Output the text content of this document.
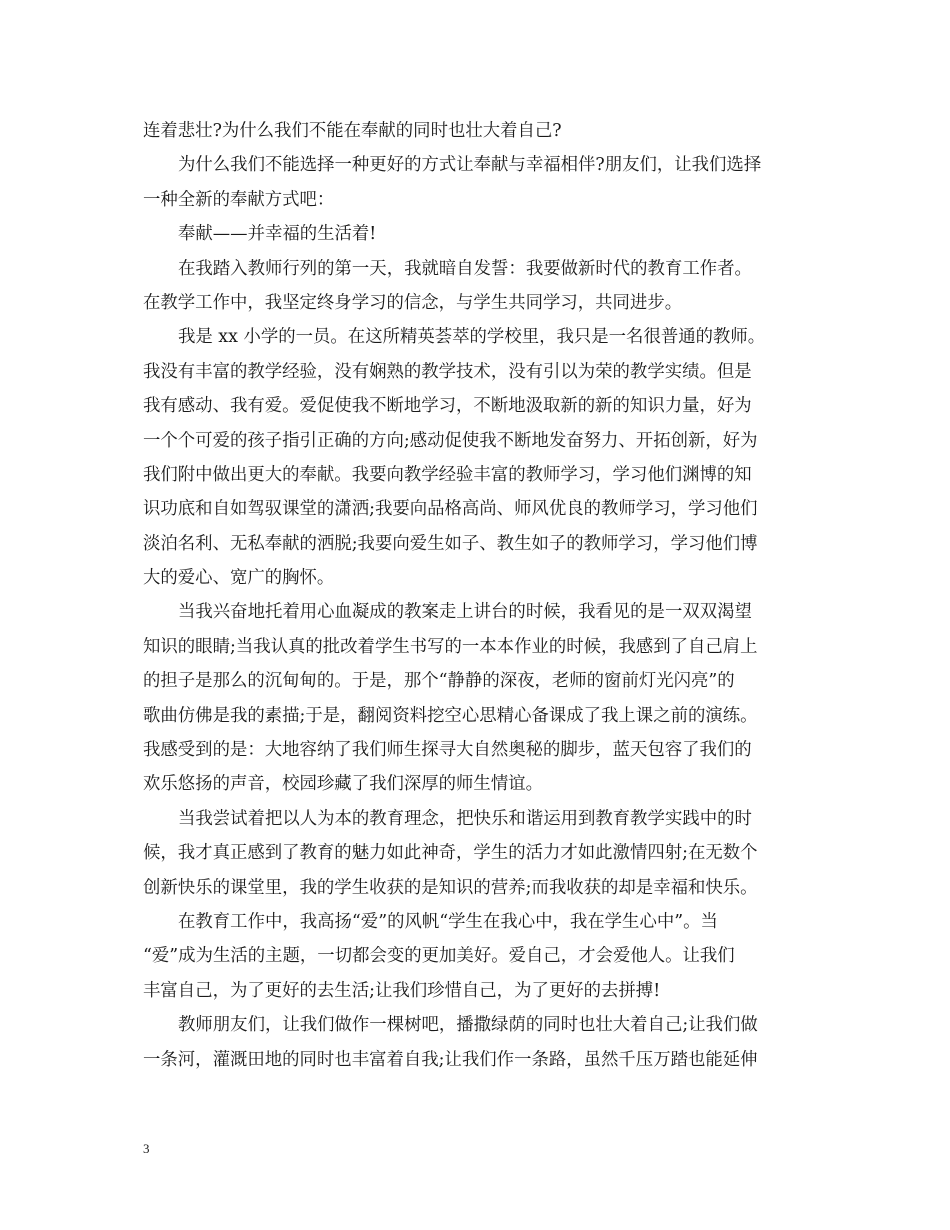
连着悲壮?为什么我们不能在奉献的同时也壮大着自己?
为什么我们不能选择一种更好的方式让奉献与幸福相伴?朋友们，让我们选择
一种全新的奉献方式吧：
奉献——并幸福的生活着!
在我踏入教师行列的第一天，我就暗自发誓：我要做新时代的教育工作者。
在教学工作中，我坚定终身学习的信念，与学生共同学习，共同进步。
我是 xx 小学的一员。在这所精英荟萃的学校里，我只是一名很普通的教师。
我没有丰富的教学经验，没有娴熟的教学技术，没有引以为荣的教学实绩。但是
我有感动、我有爱。爱促使我不断地学习，不断地汲取新的新的知识力量，好为
一个个可爱的孩子指引正确的方向;感动促使我不断地发奋努力、开拓创新，好为
我们附中做出更大的奉献。我要向教学经验丰富的教师学习，学习他们渊博的知
识功底和自如驾驭课堂的潇洒;我要向品格高尚、师风优良的教师学习，学习他们
淡泊名利、无私奉献的洒脱;我要向爱生如子、教生如子的教师学习，学习他们博
大的爱心、宽广的胸怀。
当我兴奋地托着用心血凝成的教案走上讲台的时候，我看见的是一双双渴望
知识的眼睛;当我认真的批改着学生书写的一本本作业的时候，我感到了自己肩上
的担子是那么的沉甸甸的。于是，那个“静静的深夜，老师的窗前灯光闪亮”的
歌曲仿佛是我的素描;于是，翻阅资料挖空心思精心备课成了我上课之前的演练。
我感受到的是：大地容纳了我们师生探寻大自然奥秘的脚步，蓝天包容了我们的
欢乐悠扬的声音，校园珍藏了我们深厚的师生情谊。
当我尝试着把以人为本的教育理念，把快乐和谐运用到教育教学实践中的时
候，我才真正感到了教育的魅力如此神奇，学生的活力才如此激情四射;在无数个
创新快乐的课堂里，我的学生收获的是知识的营养;而我收获的却是幸福和快乐。
在教育工作中，我高扬“爱”的风帆“学生在我心中，我在学生心中”。当
“爱”成为生活的主题，一切都会变的更加美好。爱自己，才会爱他人。让我们
丰富自己，为了更好的去生活;让我们珍惜自己，为了更好的去拼搏!
教师朋友们，让我们做作一棵树吧，播撒绿荫的同时也壮大着自己;让我们做
一条河，灌溉田地的同时也丰富着自我;让我们作一条路，虽然千压万踏也能延伸
3
